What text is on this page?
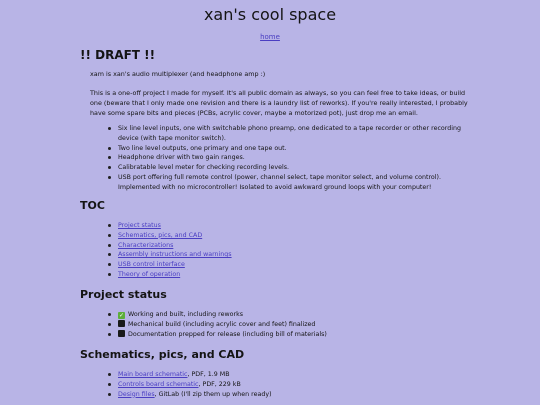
xan's cool space
home
!! DRAFT !!

xam is xan's audio multiplexer (and headphone amp :)

This is a one-off project I made for myself. It's all public domain as always, so you can feel free to take ideas, or build one (beware that I only made one revision and there is a laundry list of reworks). If you're really interested, I probably have some spare bits and pieces (PCBs, acrylic cover, maybe a motorized pot), just drop me an email.

Six line level inputs, one with switchable phono preamp, one dedicated to a tape recorder or other recording device (with tape monitor switch).
Two line level outputs, one primary and one tape out.
Headphone driver with two gain ranges.
Calibratable level meter for checking recording levels.
USB port offering full remote control (power, channel select, tape monitor select, and volume control). Implemented with no microcontroller! Isolated to avoid awkward ground loops with your computer!
TOC
Project status
Schematics, pics, and CAD
Characterizations
Assembly instructions and warnings
USB control interface
Theory of operation
Project status
✓ Working and built, including reworks
Mechanical build (including acrylic cover and feet) finalized
Documentation prepped for release (including bill of materials)
Schematics, pics, and CAD
Main board schematic, PDF, 1.9 MB
Controls board schematic, PDF, 229 kB
Design files, GitLab (I'll zip them up when ready)
